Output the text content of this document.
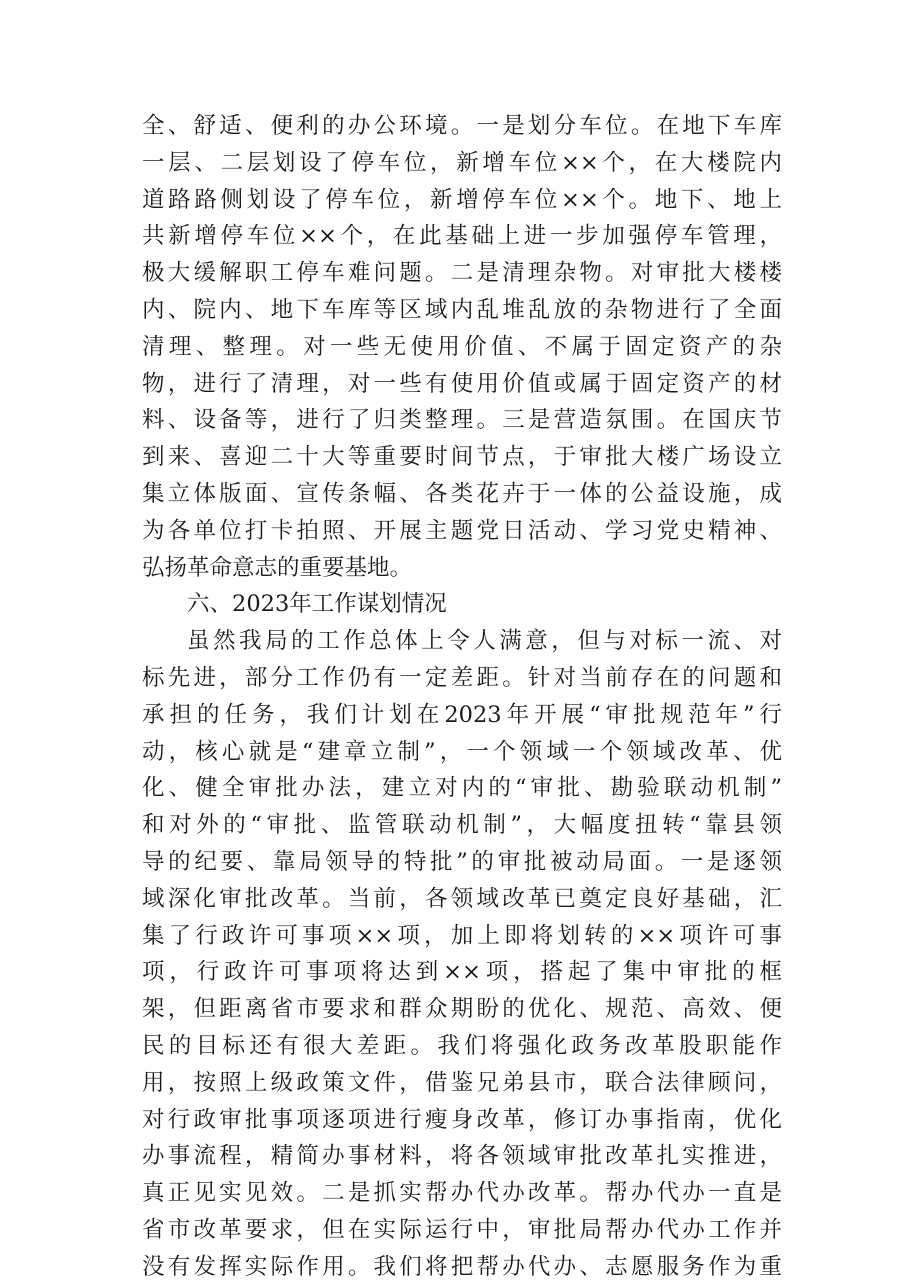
全、舒适、便利的办公环境。一是划分车位。在地下车库
一层、二层划设了停车位，新增车位××个，在大楼院内
道路路侧划设了停车位，新增停车位××个。地下、地上
共新增停车位××个，在此基础上进一步加强停车管理，
极大缓解职工停车难问题。二是清理杂物。对审批大楼楼
内、院内、地下车库等区域内乱堆乱放的杂物进行了全面
清理、整理。对一些无使用价值、不属于固定资产的杂
物，进行了清理，对一些有使用价值或属于固定资产的材
料、设备等，进行了归类整理。三是营造氛围。在国庆节
到来、喜迎二十大等重要时间节点，于审批大楼广场设立
集立体版面、宣传条幅、各类花卉于一体的公益设施，成
为各单位打卡拍照、开展主题党日活动、学习党史精神、
弘扬革命意志的重要基地。
六、2023年工作谋划情况
虽然我局的工作总体上令人满意，但与对标一流、对
标先进，部分工作仍有一定差距。针对当前存在的问题和
承担的任务，我们计划在2023年开展“审批规范年”行
动，核心就是“建章立制”，一个领域一个领域改革、优
化、健全审批办法，建立对内的“审批、勘验联动机制”
和对外的“审批、监管联动机制”，大幅度扭转“靠县领
导的纪要、靠局领导的特批”的审批被动局面。一是逐领
域深化审批改革。当前，各领域改革已奠定良好基础，汇
集了行政许可事项××项，加上即将划转的××项许可事
项，行政许可事项将达到××项，搭起了集中审批的框
架，但距离省市要求和群众期盼的优化、规范、高效、便
民的目标还有很大差距。我们将强化政务改革股职能作
用，按照上级政策文件，借鉴兄弟县市，联合法律顾问，
对行政审批事项逐项进行瘦身改革，修订办事指南，优化
办事流程，精简办事材料，将各领域审批改革扎实推进，
真正见实见效。二是抓实帮办代办改革。帮办代办一直是
省市改革要求，但在实际运行中，审批局帮办代办工作并
没有发挥实际作用。我们将把帮办代办、志愿服务作为重
